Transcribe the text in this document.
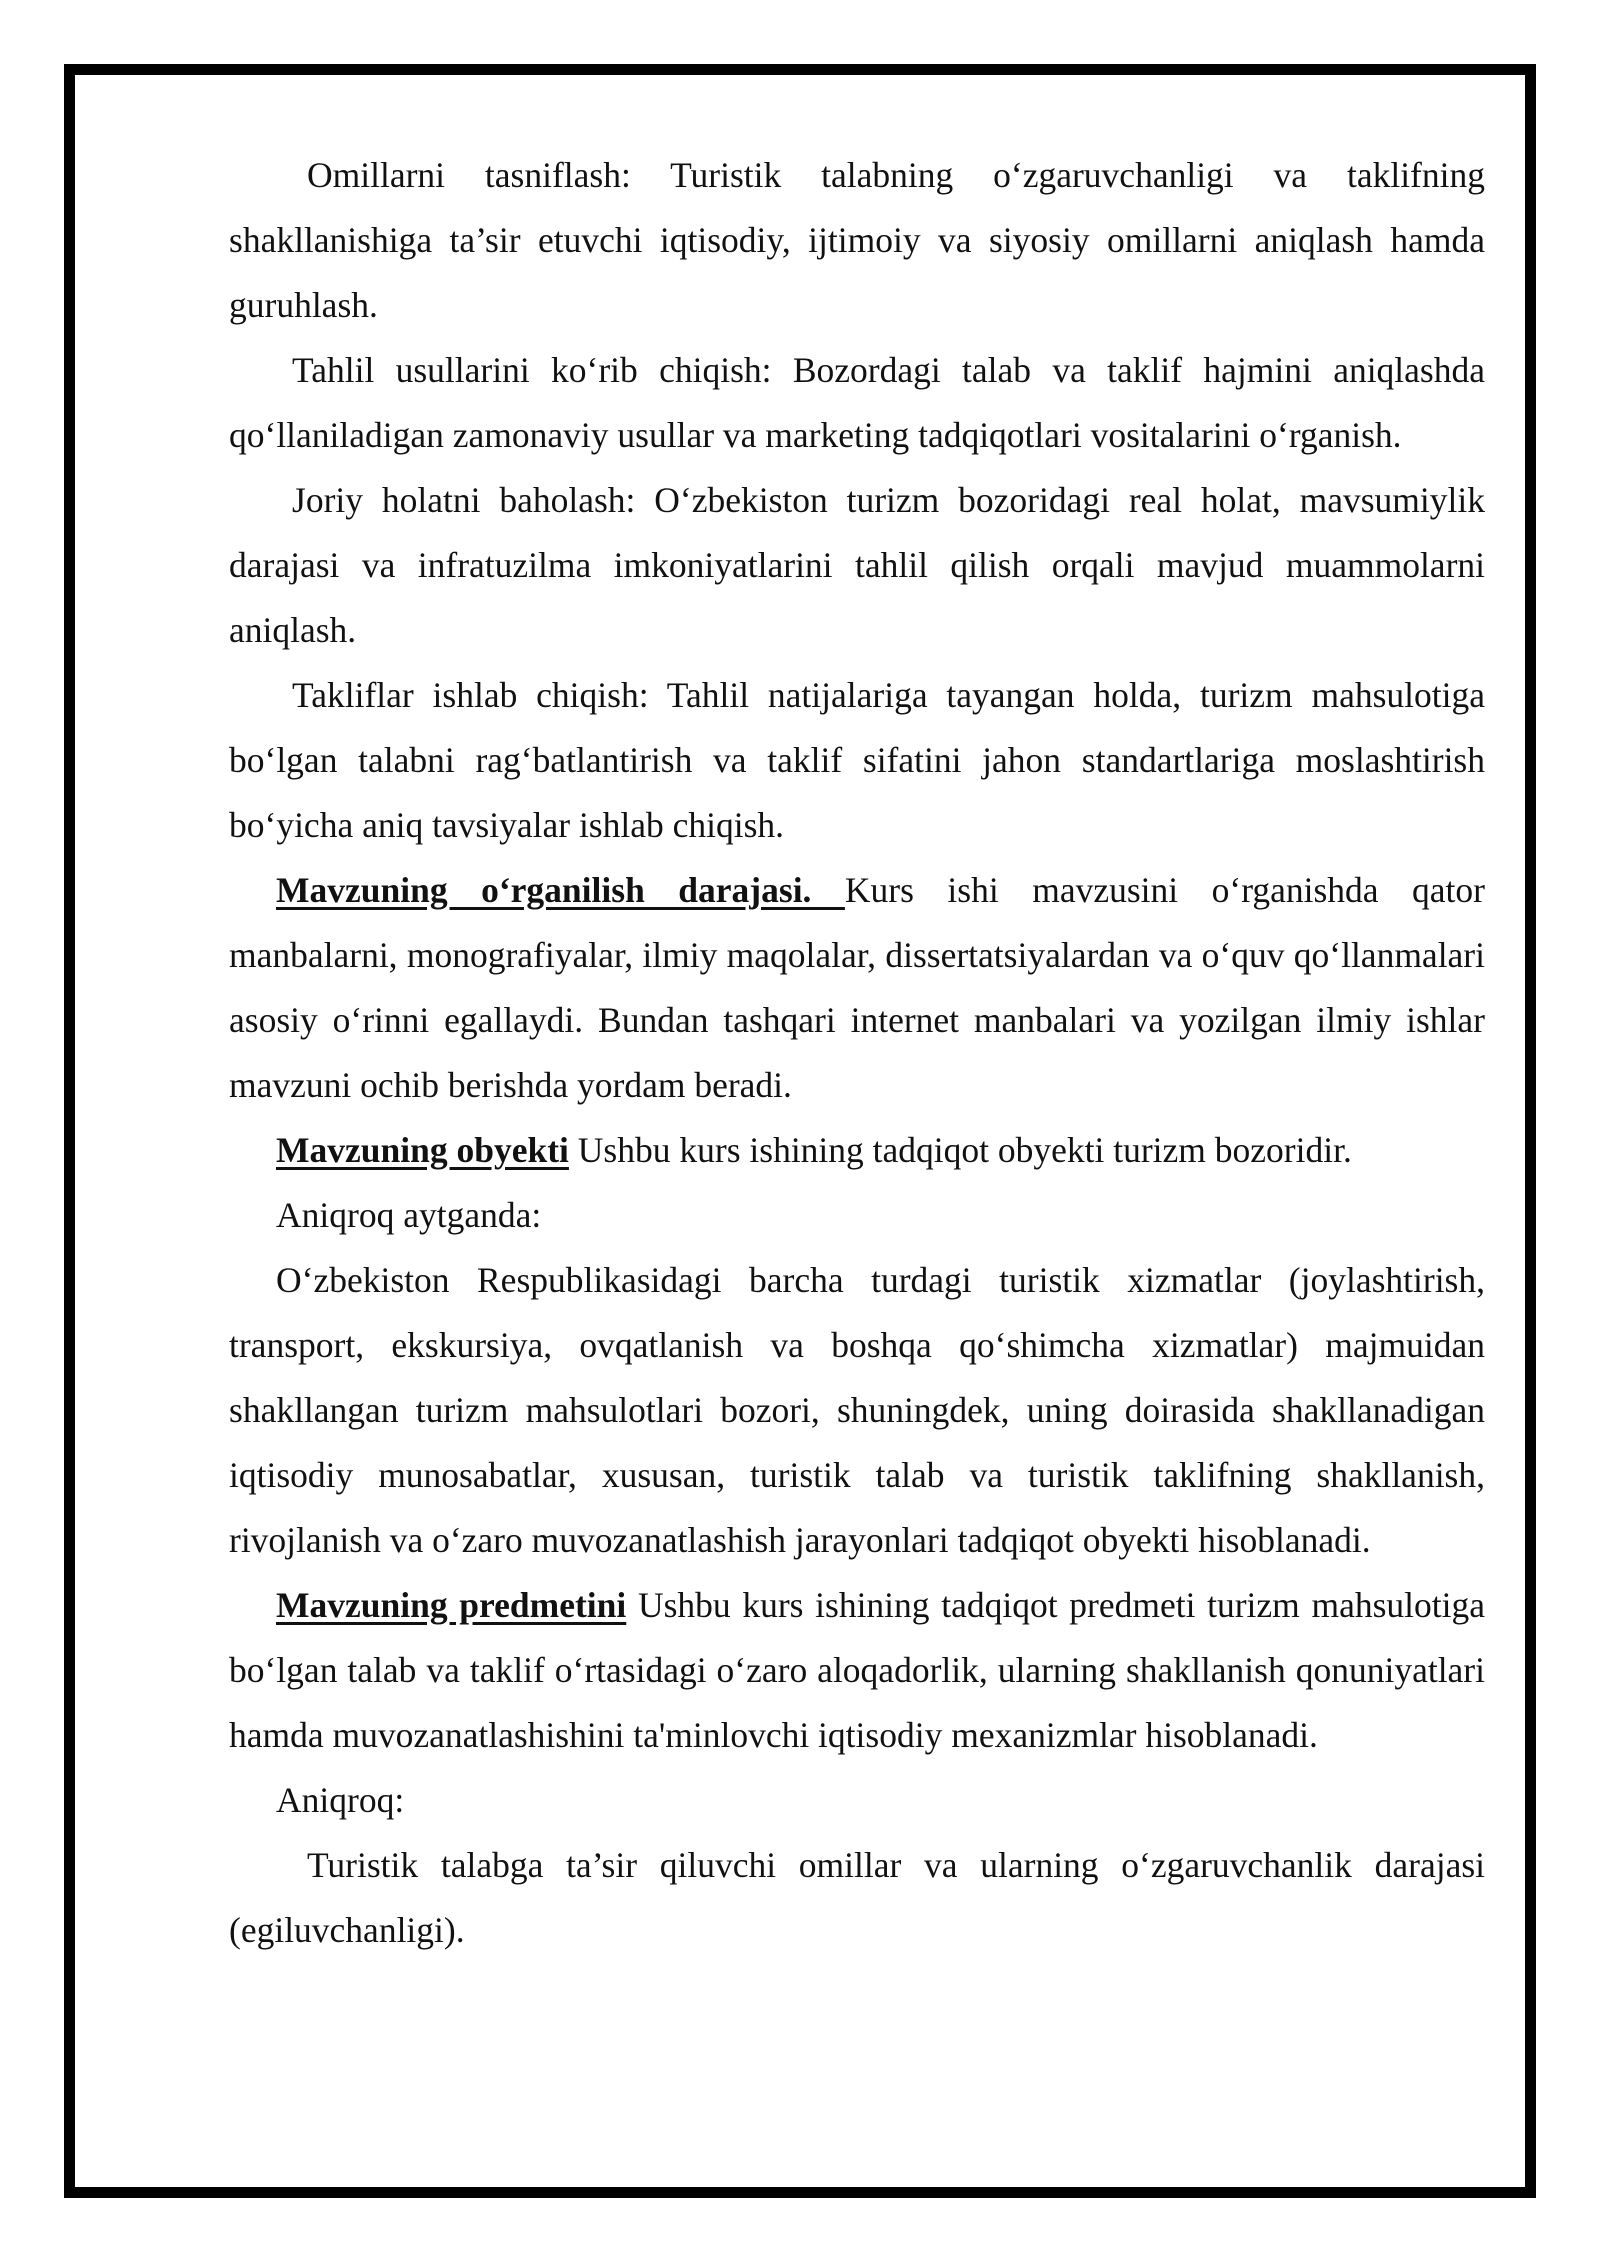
Omillarni tasniflash: Turistik talabning o‘zgaruvchanligi va taklifning shakllanishiga ta’sir etuvchi iqtisodiy, ijtimoiy va siyosiy omillarni aniqlash hamda guruhlash.

Tahlil usullarini ko‘rib chiqish: Bozordagi talab va taklif hajmini aniqlashda qo‘llaniladigan zamonaviy usullar va marketing tadqiqotlari vositalarini o‘rganish.

Joriy holatni baholash: O‘zbekiston turizm bozoridagi real holat, mavsumiylik darajasi va infratuzilma imkoniyatlarini tahlil qilish orqali mavjud muammolarni aniqlash.

Takliflar ishlab chiqish: Tahlil natijalariga tayangan holda, turizm mahsulotiga bo‘lgan talabni rag‘batlantirish va taklif sifatini jahon standartlariga moslashtirish bo‘yicha aniq tavsiyalar ishlab chiqish.

Mavzuning o‘rganilish darajasi. Kurs ishi mavzusini o‘rganishda qator manbalarni, monografiyalar, ilmiy maqolalar, dissertatsiyalardan va o‘quv qo‘llanmalari asosiy o‘rinni egallaydi. Bundan tashqari internet manbalari va yozilgan ilmiy ishlar mavzuni ochib berishda yordam beradi.

Mavzuning obyekti Ushbu kurs ishining tadqiqot obyekti turizm bozoridir.

Aniqroq aytganda:

O‘zbekiston Respublikasidagi barcha turdagi turistik xizmatlar (joylashtirish, transport, ekskursiya, ovqatlanish va boshqa qo‘shimcha xizmatlar) majmuidan shakllangan turizm mahsulotlari bozori, shuningdek, uning doirasida shakllanadigan iqtisodiy munosabatlar, xususan, turistik talab va turistik taklifning shakllanish, rivojlanish va o‘zaro muvozanatlashish jarayonlari tadqiqot obyekti hisoblanadi.

Mavzuning predmetini Ushbu kurs ishining tadqiqot predmeti turizm mahsulotiga bo‘lgan talab va taklif o‘rtasidagi o‘zaro aloqadorlik, ularning shakllanish qonuniyatlari hamda muvozanatlashishini ta'minlovchi iqtisodiy mexanizmlar hisoblanadi.

Aniqroq:

Turistik talabga ta’sir qiluvchi omillar va ularning o‘zgaruvchanlik darajasi (egiluvchanligi).
